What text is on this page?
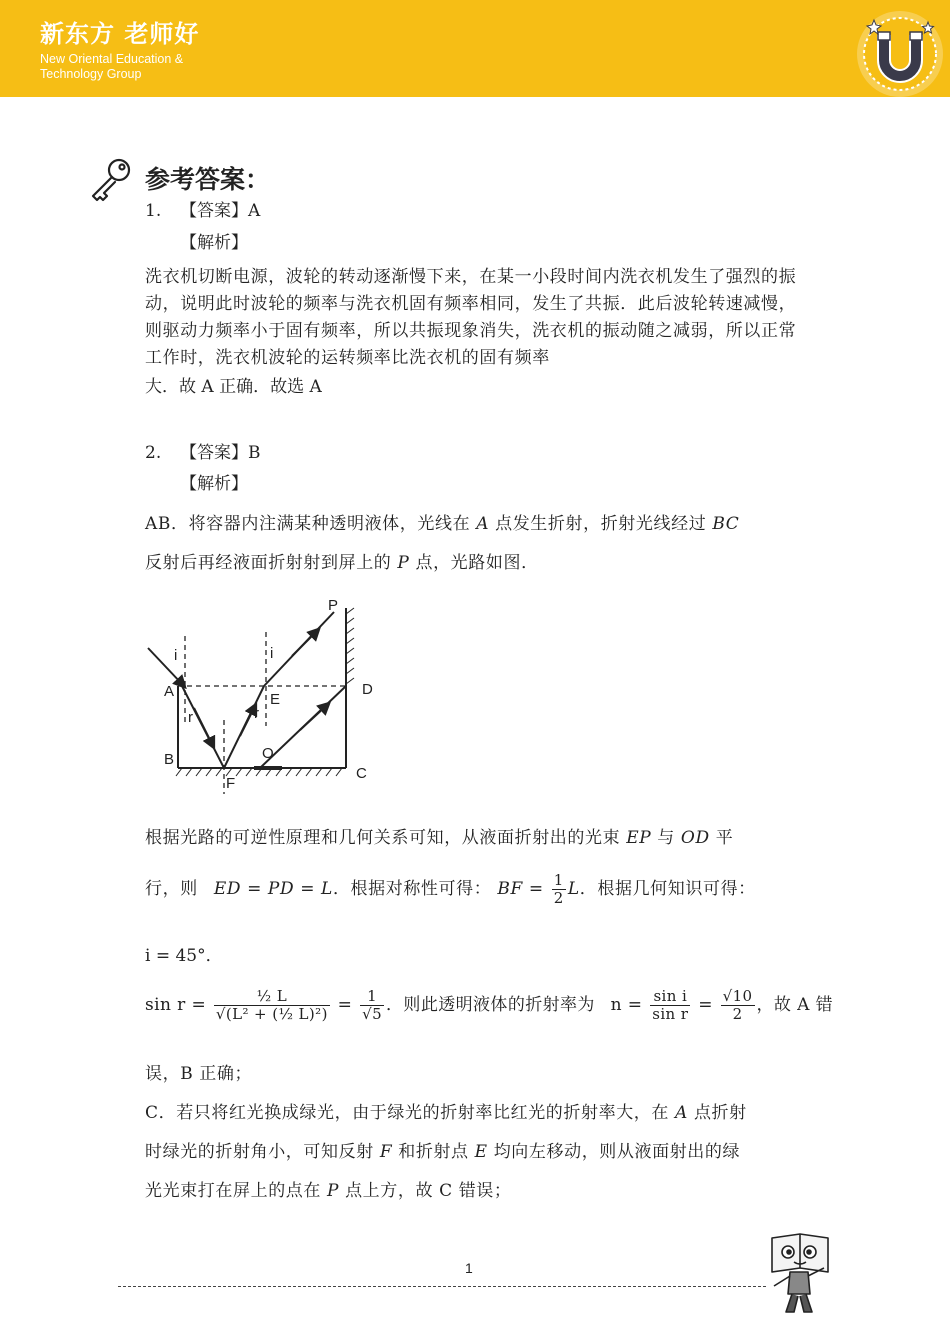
新东方 老师好
New Oriental Education & Technology Group
参考答案：
1. 【答案】A
【解析】
洗衣机切断电源，波轮的转动逐渐慢下来，在某一小段时间内洗衣机发生了强烈的振动，说明此时波轮的频率与洗衣机固有频率相同，发生了共振．此后波轮转速减慢，则驱动力频率小于固有频率，所以共振现象消失，洗衣机的振动随之减弱，所以正常工作时，洗衣机波轮的运转频率比洗衣机的固有频率
大．故 A 正确．故选 A
2. 【答案】B
【解析】
AB．将容器内注满某种透明液体，光线在 A 点发生折射，折射光线经过 BC
反射后再经液面折射射到屏上的 P 点，光路如图．
P
i	i
A	E
D
r	r
B	O
C
F
根据光路的可逆性原理和几何关系可知，从液面折射出的光束 EP 与 OD 平
行，则 ED = PD = L．根据对称性可得： BF = $\frac{1}{2}$ L．根据几何知识可得：
i = 45°．
$\sin r = \frac{\text{½ L}}{\text{√(L² + (½ L)²)}} = \frac{1}{√5}$ ．则此透明液体的折射率为 $n = \frac{\text{sin i}}{\text{sin r}} = \frac{√10}{2}$ ，故 A 错
误，B 正确；
C．若只将红光换成绿光，由于绿光的折射率比红光的折射率大，在 A 点折射
时绿光的折射角小，可知反射 F 和折射点 E 均向左移动，则从液面射出的绿
光光束打在屏上的点在 P 点上方，故 C 错误；
1
